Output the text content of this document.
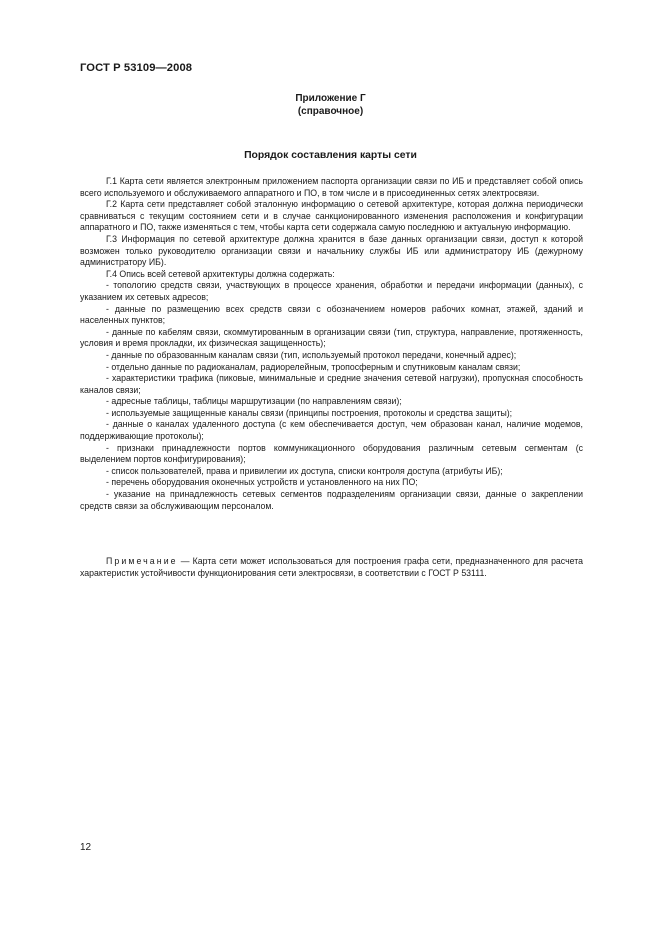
ГОСТ Р 53109—2008
Приложение Г
(справочное)
Порядок составления карты сети

Г.1 Карта сети является электронным приложением паспорта организации связи по ИБ и представляет собой опись всего используемого и обслуживаемого аппаратного и ПО, в том числе и в присоединенных сетях электросвязи.

Г.2 Карта сети представляет собой эталонную информацию о сетевой архитектуре, которая должна периодически сравниваться с текущим состоянием сети и в случае санкционированного изменения расположения и конфигурации аппаратного и ПО, также изменяться с тем, чтобы карта сети содержала самую последнюю и актуальную информацию.

Г.3 Информация по сетевой архитектуре должна хранится в базе данных организации связи, доступ к которой возможен только руководителю организации связи и начальнику службы ИБ или администратору ИБ (дежурному администратору ИБ).

Г.4 Опись всей сетевой архитектуры должна содержать:

- топологию средств связи, участвующих в процессе хранения, обработки и передачи информации (данных), с указанием их сетевых адресов;

- данные по размещению всех средств связи с обозначением номеров рабочих комнат, этажей, зданий и населенных пунктов;

- данные по кабелям связи, скоммутированным в организации связи (тип, структура, направление, протяженность, условия и время прокладки, их физическая защищенность);

- данные по образованным каналам связи (тип, используемый протокол передачи, конечный адрес);

- отдельно данные по радиоканалам, радиорелейным, тропосферным и спутниковым каналам связи;

- характеристики трафика (пиковые, минимальные и средние значения сетевой нагрузки), пропускная способность каналов связи;

- адресные таблицы, таблицы маршрутизации (по направлениям связи);

- используемые защищенные каналы связи (принципы построения, протоколы и средства защиты);

- данные о каналах удаленного доступа (с кем обеспечивается доступ, чем образован канал, наличие модемов, поддерживающие протоколы);

- признаки принадлежности портов коммуникационного оборудования различным сетевым сегментам (с выделением портов конфигурирования);

- список пользователей, права и привилегии их доступа, списки контроля доступа (атрибуты ИБ);

- перечень оборудования оконечных устройств и установленного на них ПО;

- указание на принадлежность сетевых сегментов подразделениям организации связи, данные о закреплении средств связи за обслуживающим персоналом.

Примечание — Карта сети может использоваться для построения графа сети, предназначенного для расчета характеристик устойчивости функционирования сети электросвязи, в соответствии с ГОСТ Р 53111.

12
